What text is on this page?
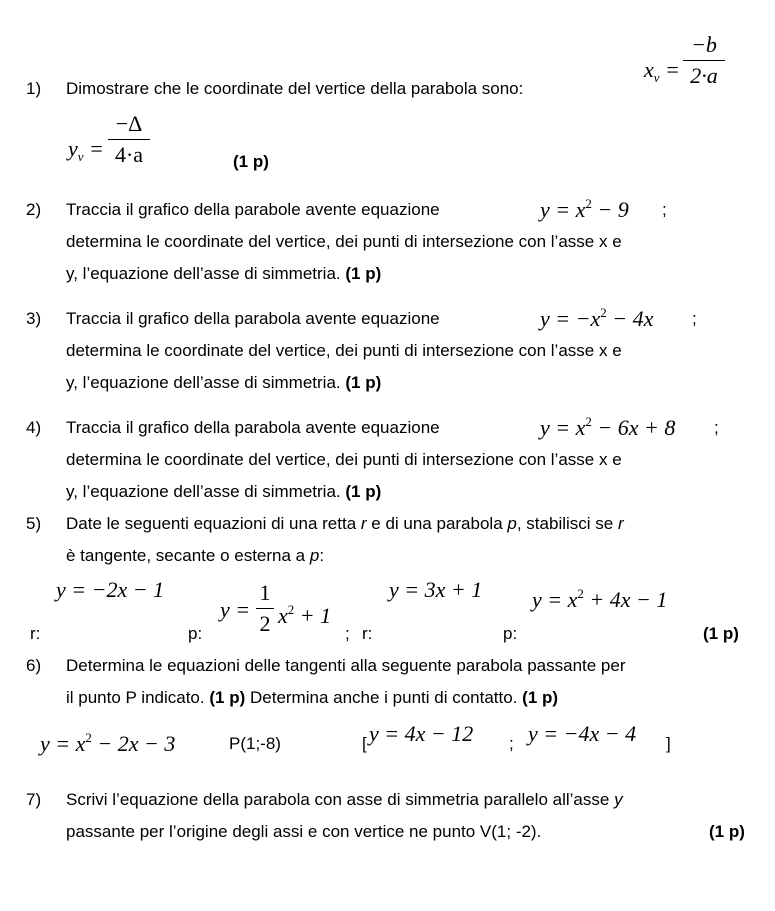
1) Dimostrare che le coordinate del vertice della parabola sono:
$x_v$ =
−b
2·a
$y_v$ =
−Δ
4·a	(1 p)
2) Traccia il grafico della parabole avente equazione	$y = x^2 - 9$ ;
determina le coordinate del vertice, dei punti di intersezione con l’asse x e
y, l’equazione dell’asse di simmetria. (1 p)
3) Traccia il grafico della parabola avente equazione	$y = -x^2 - 4x$ ;
determina le coordinate del vertice, dei punti di intersezione con l’asse x e
y, l’equazione dell’asse di simmetria. (1 p)
4) Traccia il grafico della parabola avente equazione	$y = x^2 - 6x + 8$ ;
determina le coordinate del vertice, dei punti di intersezione con l’asse x e
y, l’equazione dell’asse di simmetria. (1 p)
5) Date le seguenti equazioni di una retta r e di una parabola p, stabilisci se r
è tangente, secante o esterna a p:
r:
y = −2x − 1
p:
y =
1
2 $x^2 + 1$
; r:
y = 3x + 1
p:
$y = x^2 + 4x - 1$
(1 p)
6) Determina le equazioni delle tangenti alla seguente parabola passante per
il punto P indicato. (1 p) Determina anche i punti di contatto. (1 p)
$y = x^2 - 2x - 3$	P(1;-8)	[ y = 4x − 12 ; y = −4x − 4 ]
7) Scrivi l’equazione della parabola con asse di simmetria parallelo all’asse y
passante per l’origine degli assi e con vertice ne punto V(1; -2).	(1 p)
